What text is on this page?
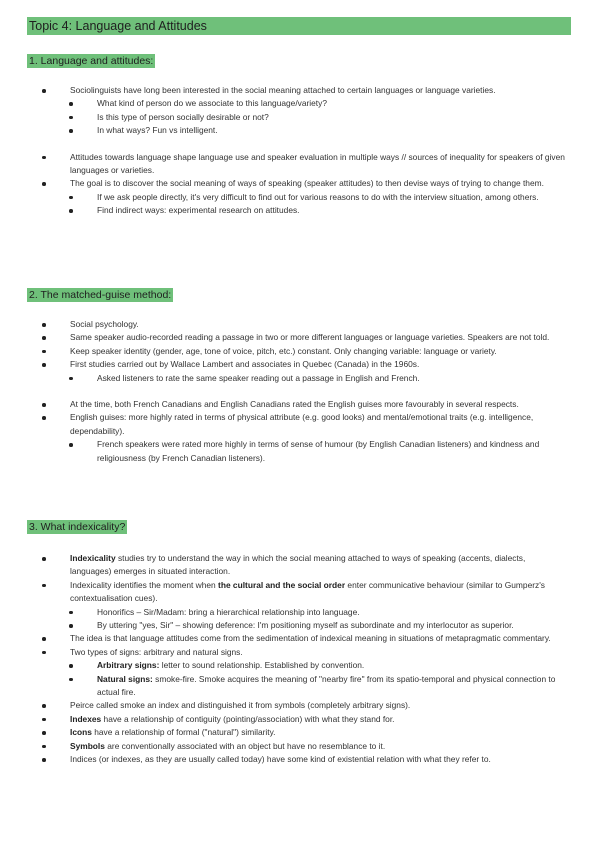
Topic 4: Language and Attitudes
1. Language and attitudes:
Sociolinguists have long been interested in the social meaning attached to certain languages or language varieties.
What kind of person do we associate to this language/variety?
Is this type of person socially desirable or not?
In what ways? Fun vs intelligent.
Attitudes towards language shape language use and speaker evaluation in multiple ways // sources of inequality for speakers of given languages or varieties.
The goal is to discover the social meaning of ways of speaking (speaker attitudes) to then devise ways of trying to change them.
If we ask people directly, it's very difficult to find out for various reasons to do with the interview situation, among others.
Find indirect ways: experimental research on attitudes.
2. The matched-guise method:
Social psychology.
Same speaker audio-recorded reading a passage in two or more different languages or language varieties. Speakers are not told.
Keep speaker identity (gender, age, tone of voice, pitch, etc.) constant. Only changing variable: language or variety.
First studies carried out by Wallace Lambert and associates in Quebec (Canada) in the 1960s.
Asked listeners to rate the same speaker reading out a passage in English and French.
At the time, both French Canadians and English Canadians rated the English guises more favourably in several respects.
English guises: more highly rated in terms of physical attribute (e.g. good looks) and mental/emotional traits (e.g. intelligence, dependability).
French speakers were rated more highly in terms of sense of humour (by English Canadian listeners) and kindness and religiousness (by French Canadian listeners).
3. What indexicality?
Indexicality studies try to understand the way in which the social meaning attached to ways of speaking (accents, dialects, languages) emerges in situated interaction.
Indexicality identifies the moment when the cultural and the social order enter communicative behaviour (similar to Gumperz's contextualisation cues).
Honorifics – Sir/Madam: bring a hierarchical relationship into language.
By uttering "yes, Sir" – showing deference: I'm positioning myself as subordinate and my interlocutor as superior.
The idea is that language attitudes come from the sedimentation of indexical meaning in situations of metapragmatic commentary.
Two types of signs: arbitrary and natural signs.
Arbitrary signs: letter to sound relationship. Established by convention.
Natural signs: smoke-fire. Smoke acquires the meaning of "nearby fire" from its spatio-temporal and physical connection to actual fire.
Peirce called smoke an index and distinguished it from symbols (completely arbitrary signs).
Indexes have a relationship of contiguity (pointing/association) with what they stand for.
Icons have a relationship of formal ("natural") similarity.
Symbols are conventionally associated with an object but have no resemblance to it.
Indices (or indexes, as they are usually called today) have some kind of existential relation with what they refer to.
